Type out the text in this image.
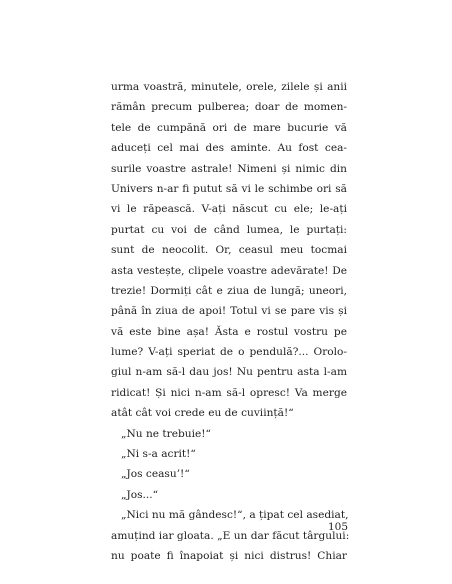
urma voastră, minutele, orele, zilele și anii
rămân precum pulberea; doar de momen-
tele de cumpănă ori de mare bucurie vă
aduceți cel mai des aminte. Au fost cea-
surile voastre astrale! Nimeni și nimic din
Univers n-ar fi putut să vi le schimbe ori să
vi le răpească. V-ați născut cu ele; le-ați
purtat cu voi de când lumea, le purtați:
sunt de neocolit. Or, ceasul meu tocmai
asta vestește, clipele voastre adevărate! De
trezie! Dormiți cât e ziua de lungă; uneori,
până în ziua de apoi! Totul vi se pare vis și
vă este bine așa! Ăsta e rostul vostru pe
lume? V-ați speriat de o pendulă?... Orolo-
giul n-am să-l dau jos! Nu pentru asta l-am
ridicat! Și nici n-am să-l opresc! Va merge
atât cât voi crede eu de cuviință!“
„Nu ne trebuie!“
„Ni s-a acrit!“
„Jos ceasu’!“
„Jos...“
„Nici nu mă gândesc!“, a țipat cel asediat,
amuțind iar gloata. „E un dar făcut târgului:
nu poate fi înapoiat și nici distrus! Chiar
105
